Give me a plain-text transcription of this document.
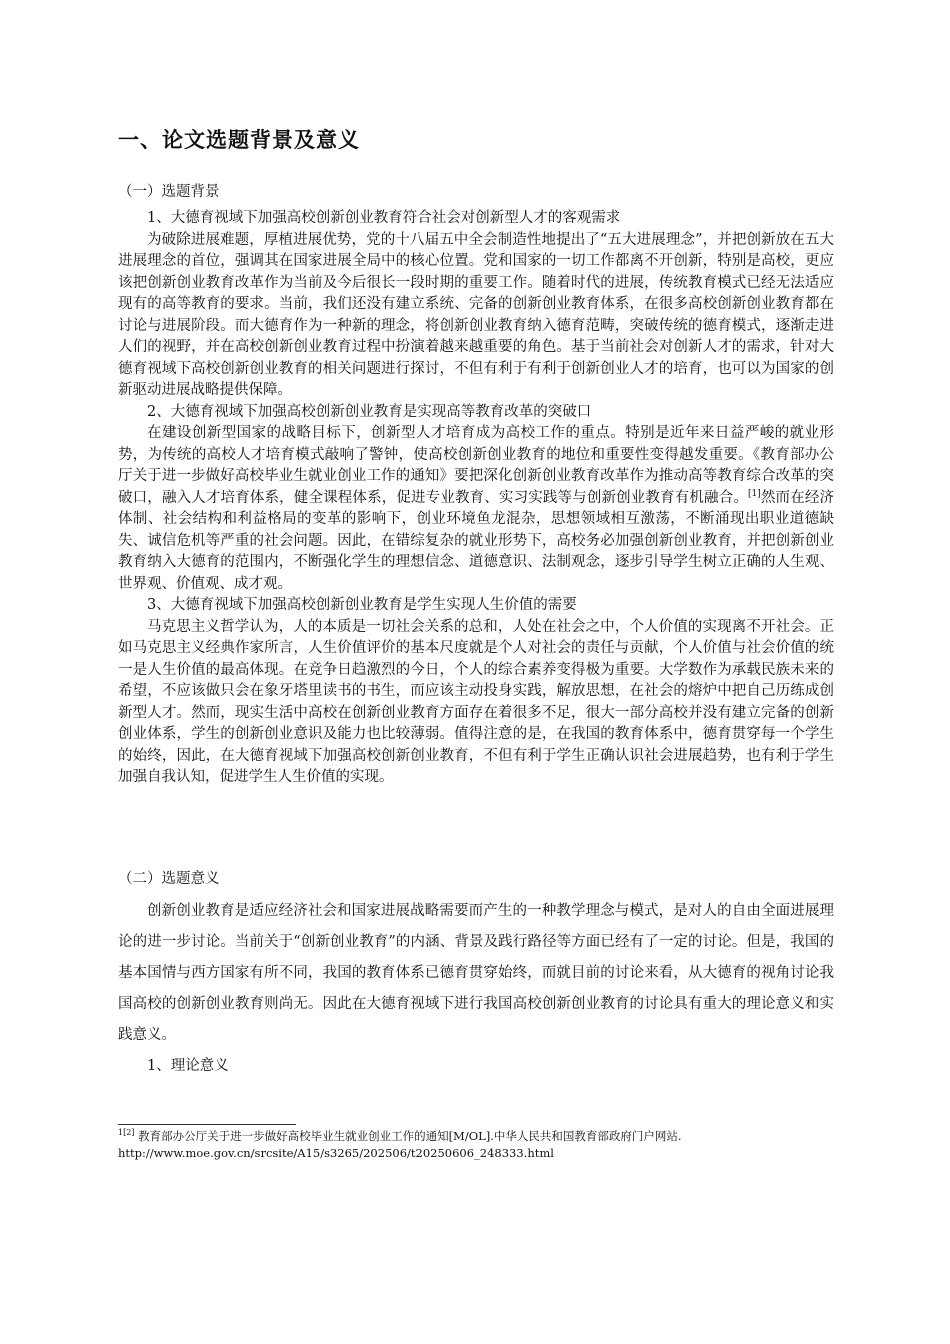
一、论文选题背景及意义
（一）选题背景

1、大德育视域下加强高校创新创业教育符合社会对创新型人才的客观需求

为破除进展难题，厚植进展优势，党的十八届五中全会制造性地提出了“五大进展理念”，并把创新放在五大进展理念的首位，强调其在国家进展全局中的核心位置。党和国家的一切工作都离不开创新，特别是高校，更应该把创新创业教育改革作为当前及今后很长一段时期的重要工作。随着时代的进展，传统教育模式已经无法适应现有的高等教育的要求。当前，我们还没有建立系统、完备的创新创业教育体系，在很多高校创新创业教育都在讨论与进展阶段。而大德育作为一种新的理念，将创新创业教育纳入德育范畴，突破传统的德育模式，逐渐走进人们的视野，并在高校创新创业教育过程中扮演着越来越重要的角色。基于当前社会对创新人才的需求，针对大德育视域下高校创新创业教育的相关问题进行探讨，不但有利于有利于创新创业人才的培育，也可以为国家的创新驱动进展战略提供保障。

2、大德育视域下加强高校创新创业教育是实现高等教育改革的突破口

在建设创新型国家的战略目标下，创新型人才培育成为高校工作的重点。特别是近年来日益严峻的就业形势，为传统的高校人才培育模式敲响了警钟，使高校创新创业教育的地位和重要性变得越发重要。《教育部办公厅关于进一步做好高校毕业生就业创业工作的通知》要把深化创新创业教育改革作为推动高等教育综合改革的突破口，融入人才培育体系，健全课程体系，促进专业教育、实习实践等与创新创业教育有机融合。[1]然而在经济体制、社会结构和利益格局的变革的影响下，创业环境鱼龙混杂，思想领域相互激荡，不断涌现出职业道德缺失、诚信危机等严重的社会问题。因此，在错综复杂的就业形势下，高校务必加强创新创业教育，并把创新创业教育纳入大德育的范围内，不断强化学生的理想信念、道德意识、法制观念，逐步引导学生树立正确的人生观、世界观、价值观、成才观。

3、大德育视域下加强高校创新创业教育是学生实现人生价值的需要

马克思主义哲学认为，人的本质是一切社会关系的总和，人处在社会之中，个人价值的实现离不开社会。正如马克思主义经典作家所言，人生价值评价的基本尺度就是个人对社会的责任与贡献，个人价值与社会价值的统一是人生价值的最高体现。在竞争日趋激烈的今日，个人的综合素养变得极为重要。大学数作为承载民族未来的希望，不应该做只会在象牙塔里读书的书生，而应该主动投身实践，解放思想，在社会的熔炉中把自己历练成创新型人才。然而，现实生活中高校在创新创业教育方面存在着很多不足，很大一部分高校并没有建立完备的创新创业体系，学生的创新创业意识及能力也比较薄弱。值得注意的是，在我国的教育体系中，德育贯穿每一个学生的始终，因此，在大德育视域下加强高校创新创业教育，不但有利于学生正确认识社会进展趋势，也有利于学生加强自我认知，促进学生人生价值的实现。

（二）选题意义

创新创业教育是适应经济社会和国家进展战略需要而产生的一种教学理念与模式，是对人的自由全面进展理论的进一步讨论。当前关于“创新创业教育”的内涵、背景及践行路径等方面已经有了一定的讨论。但是，我国的基本国情与西方国家有所不同，我国的教育体系已德育贯穿始终，而就目前的讨论来看，从大德育的视角讨论我国高校的创新创业教育则尚无。因此在大德育视域下进行我国高校创新创业教育的讨论具有重大的理论意义和实践意义。

1、理论意义

$^{1[2]}$ 教育部办公厅关于进一步做好高校毕业生就业创业工作的通知[M/OL].中华人民共和国教育部政府门户网站.
http://www.moe.gov.cn/srcsite/A15/s3265/202506/t20250606_248333.html
